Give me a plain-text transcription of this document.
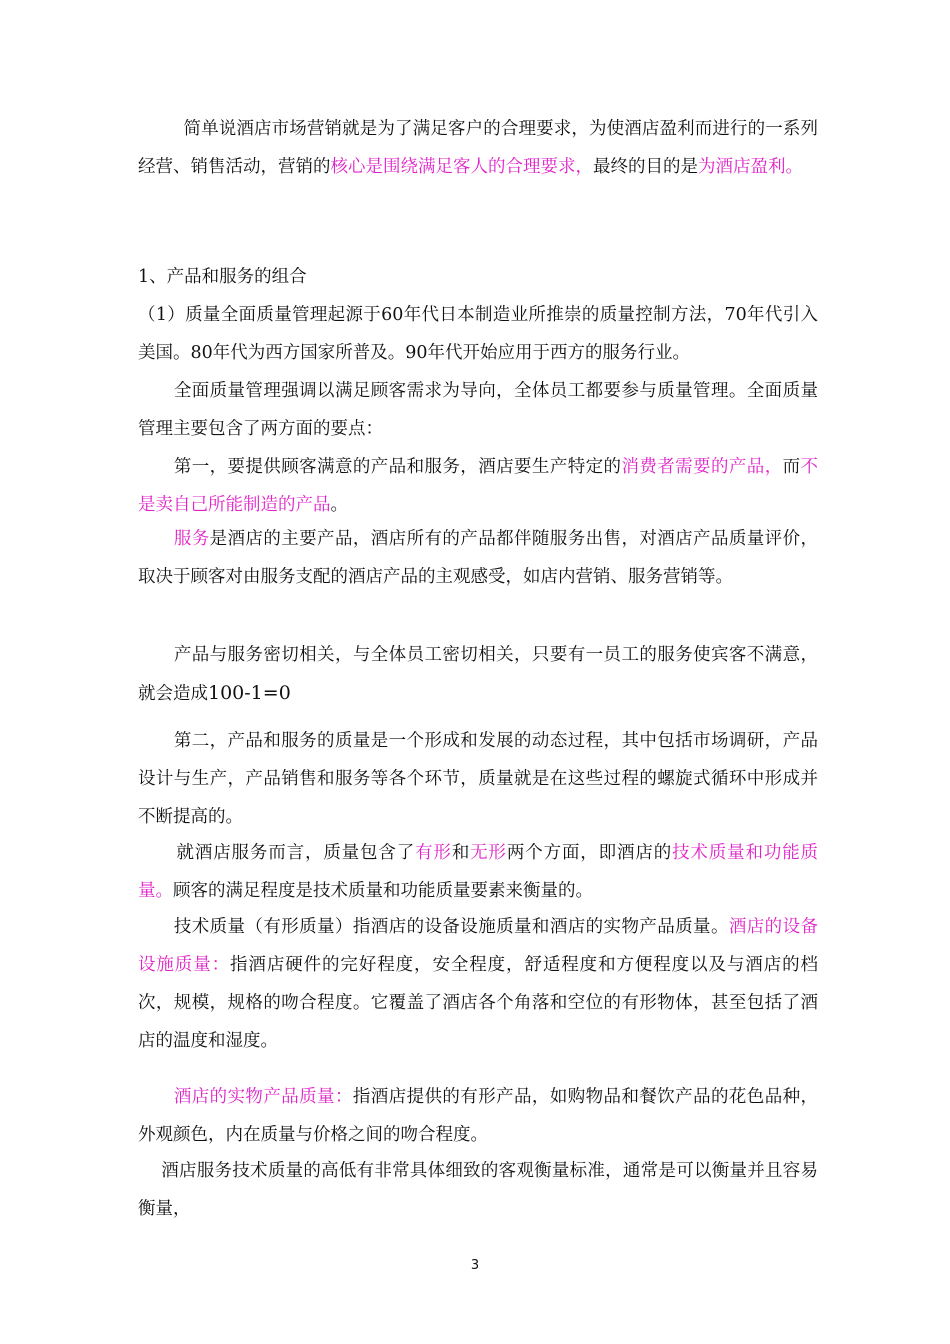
简单说酒店市场营销就是为了满足客户的合理要求，为使酒店盈利而进行的一系列经营、销售活动，营销的核心是围绕满足客人的合理要求，最终的目的是为酒店盈利。

1、产品和服务的组合

（1）质量全面质量管理起源于60年代日本制造业所推崇的质量控制方法，70年代引入美国。80年代为西方国家所普及。90年代开始应用于西方的服务行业。

全面质量管理强调以满足顾客需求为导向，全体员工都要参与质量管理。全面质量管理主要包含了两方面的要点：

第一，要提供顾客满意的产品和服务，酒店要生产特定的消费者需要的产品，而不是卖自己所能制造的产品。

服务是酒店的主要产品，酒店所有的产品都伴随服务出售，对酒店产品质量评价，取决于顾客对由服务支配的酒店产品的主观感受，如店内营销、服务营销等。

产品与服务密切相关，与全体员工密切相关，只要有一员工的服务使宾客不满意，就会造成100-1=0

第二，产品和服务的质量是一个形成和发展的动态过程，其中包括市场调研，产品设计与生产，产品销售和服务等各个环节，质量就是在这些过程的螺旋式循环中形成并不断提高的。

就酒店服务而言，质量包含了有形和无形两个方面，即酒店的技术质量和功能质量。顾客的满足程度是技术质量和功能质量要素来衡量的。

技术质量（有形质量）指酒店的设备设施质量和酒店的实物产品质量。酒店的设备设施质量：指酒店硬件的完好程度，安全程度，舒适程度和方便程度以及与酒店的档次，规模，规格的吻合程度。它覆盖了酒店各个角落和空位的有形物体，甚至包括了酒店的温度和湿度。

酒店的实物产品质量：指酒店提供的有形产品，如购物品和餐饮产品的花色品种，外观颜色，内在质量与价格之间的吻合程度。

酒店服务技术质量的高低有非常具体细致的客观衡量标准，通常是可以衡量并且容易衡量，

3
